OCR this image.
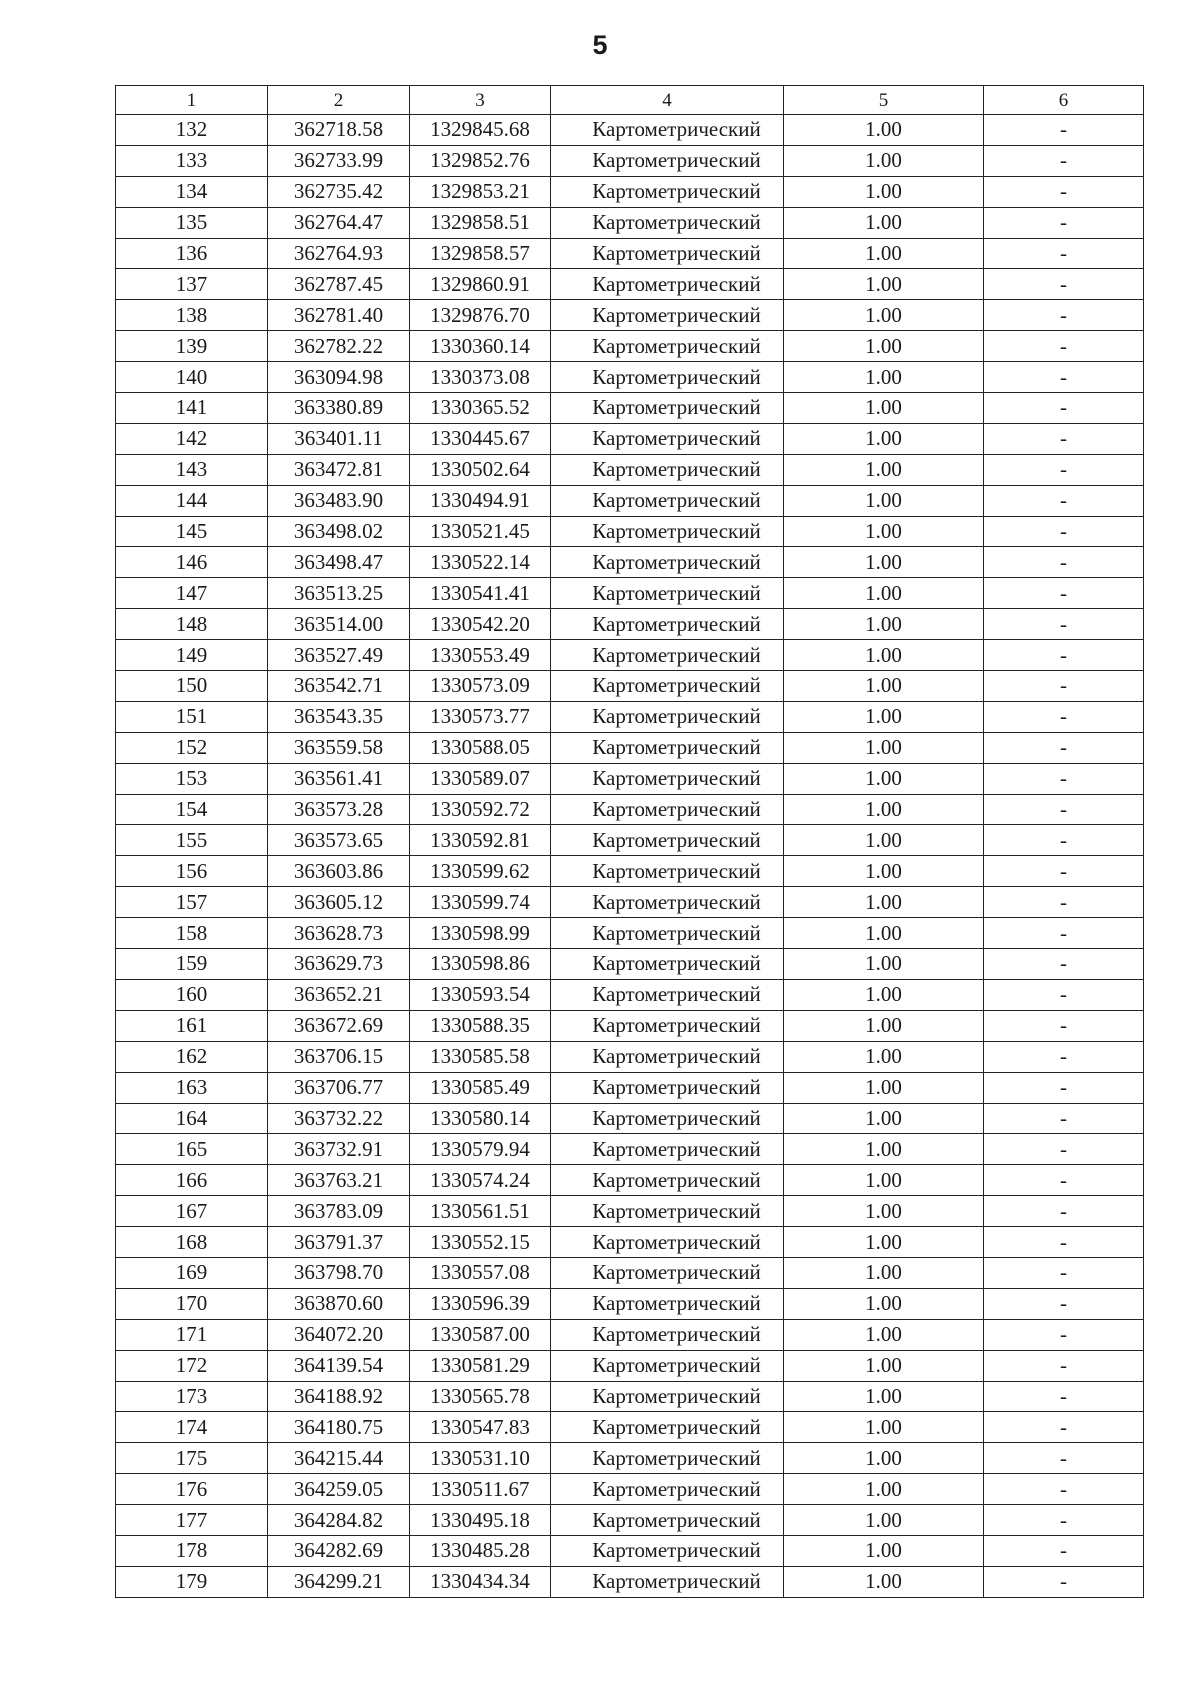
5
1	2	3	4	5	6
132	362718.58	1329845.68	Картометрический	1.00	-
133	362733.99	1329852.76	Картометрический	1.00	-
134	362735.42	1329853.21	Картометрический	1.00	-
135	362764.47	1329858.51	Картометрический	1.00	-
136	362764.93	1329858.57	Картометрический	1.00	-
137	362787.45	1329860.91	Картометрический	1.00	-
138	362781.40	1329876.70	Картометрический	1.00	-
139	362782.22	1330360.14	Картометрический	1.00	-
140	363094.98	1330373.08	Картометрический	1.00	-
141	363380.89	1330365.52	Картометрический	1.00	-
142	363401.11	1330445.67	Картометрический	1.00	-
143	363472.81	1330502.64	Картометрический	1.00	-
144	363483.90	1330494.91	Картометрический	1.00	-
145	363498.02	1330521.45	Картометрический	1.00	-
146	363498.47	1330522.14	Картометрический	1.00	-
147	363513.25	1330541.41	Картометрический	1.00	-
148	363514.00	1330542.20	Картометрический	1.00	-
149	363527.49	1330553.49	Картометрический	1.00	-
150	363542.71	1330573.09	Картометрический	1.00	-
151	363543.35	1330573.77	Картометрический	1.00	-
152	363559.58	1330588.05	Картометрический	1.00	-
153	363561.41	1330589.07	Картометрический	1.00	-
154	363573.28	1330592.72	Картометрический	1.00	-
155	363573.65	1330592.81	Картометрический	1.00	-
156	363603.86	1330599.62	Картометрический	1.00	-
157	363605.12	1330599.74	Картометрический	1.00	-
158	363628.73	1330598.99	Картометрический	1.00	-
159	363629.73	1330598.86	Картометрический	1.00	-
160	363652.21	1330593.54	Картометрический	1.00	-
161	363672.69	1330588.35	Картометрический	1.00	-
162	363706.15	1330585.58	Картометрический	1.00	-
163	363706.77	1330585.49	Картометрический	1.00	-
164	363732.22	1330580.14	Картометрический	1.00	-
165	363732.91	1330579.94	Картометрический	1.00	-
166	363763.21	1330574.24	Картометрический	1.00	-
167	363783.09	1330561.51	Картометрический	1.00	-
168	363791.37	1330552.15	Картометрический	1.00	-
169	363798.70	1330557.08	Картометрический	1.00	-
170	363870.60	1330596.39	Картометрический	1.00	-
171	364072.20	1330587.00	Картометрический	1.00	-
172	364139.54	1330581.29	Картометрический	1.00	-
173	364188.92	1330565.78	Картометрический	1.00	-
174	364180.75	1330547.83	Картометрический	1.00	-
175	364215.44	1330531.10	Картометрический	1.00	-
176	364259.05	1330511.67	Картометрический	1.00	-
177	364284.82	1330495.18	Картометрический	1.00	-
178	364282.69	1330485.28	Картометрический	1.00	-
179	364299.21	1330434.34	Картометрический	1.00	-
